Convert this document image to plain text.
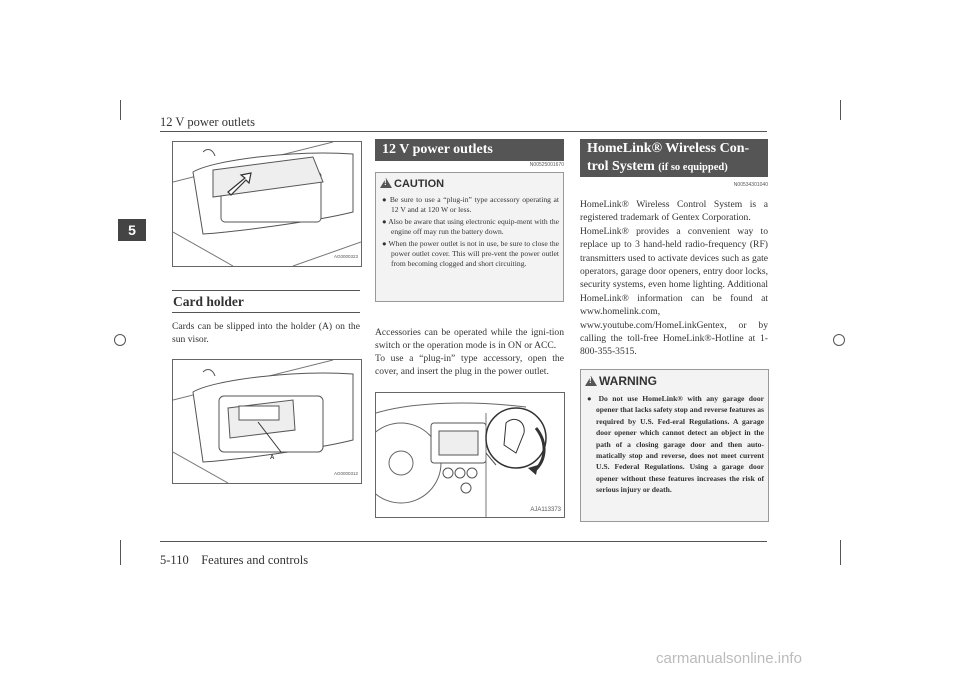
12 V power outlets
5
AG0000323
Card holder
Cards can be slipped into the holder (A) on the sun visor.
A
AG0000312
12 V power outlets
N00525001670
!CAUTION
● Be sure to use a “plug-in” type accessory operating at 12 V and at 120 W or less.
● Also be aware that using electronic equip-ment with the engine off may run the battery down.
● When the power outlet is not in use, be sure to close the power outlet cover. This will pre-vent the power outlet from becoming clogged and short circuiting.
Accessories can be operated while the igni-tion switch or the operation mode is in ON or ACC.
To use a “plug-in” type accessory, open the cover, and insert the plug in the power outlet.
AJA113373
HomeLink® Wireless Con-trol System (if so equipped)
N00534301040
HomeLink® Wireless Control System is a registered trademark of Gentex Corporation.
HomeLink® provides a convenient way to replace up to 3 hand-held radio-frequency (RF) transmitters used to activate devices such as gate operators, garage door openers, entry door locks, security systems, even home lighting. Additional HomeLink® information can be found at www.homelink.com, www.youtube.com/HomeLinkGentex, or by calling the toll-free HomeLink®-Hotline at 1-800-355-3515.
!WARNING
● Do not use HomeLink® with any garage door opener that lacks safety stop and reverse features as required by U.S. Fed-eral Regulations. A garage door opener which cannot detect an object in the path of a closing garage door and then auto-matically stop and reverse, does not meet current U.S. Federal Regulations. Using a garage door opener without these features increases the risk of serious injury or death.
5-110    Features and controls
carmanualsonline.info
